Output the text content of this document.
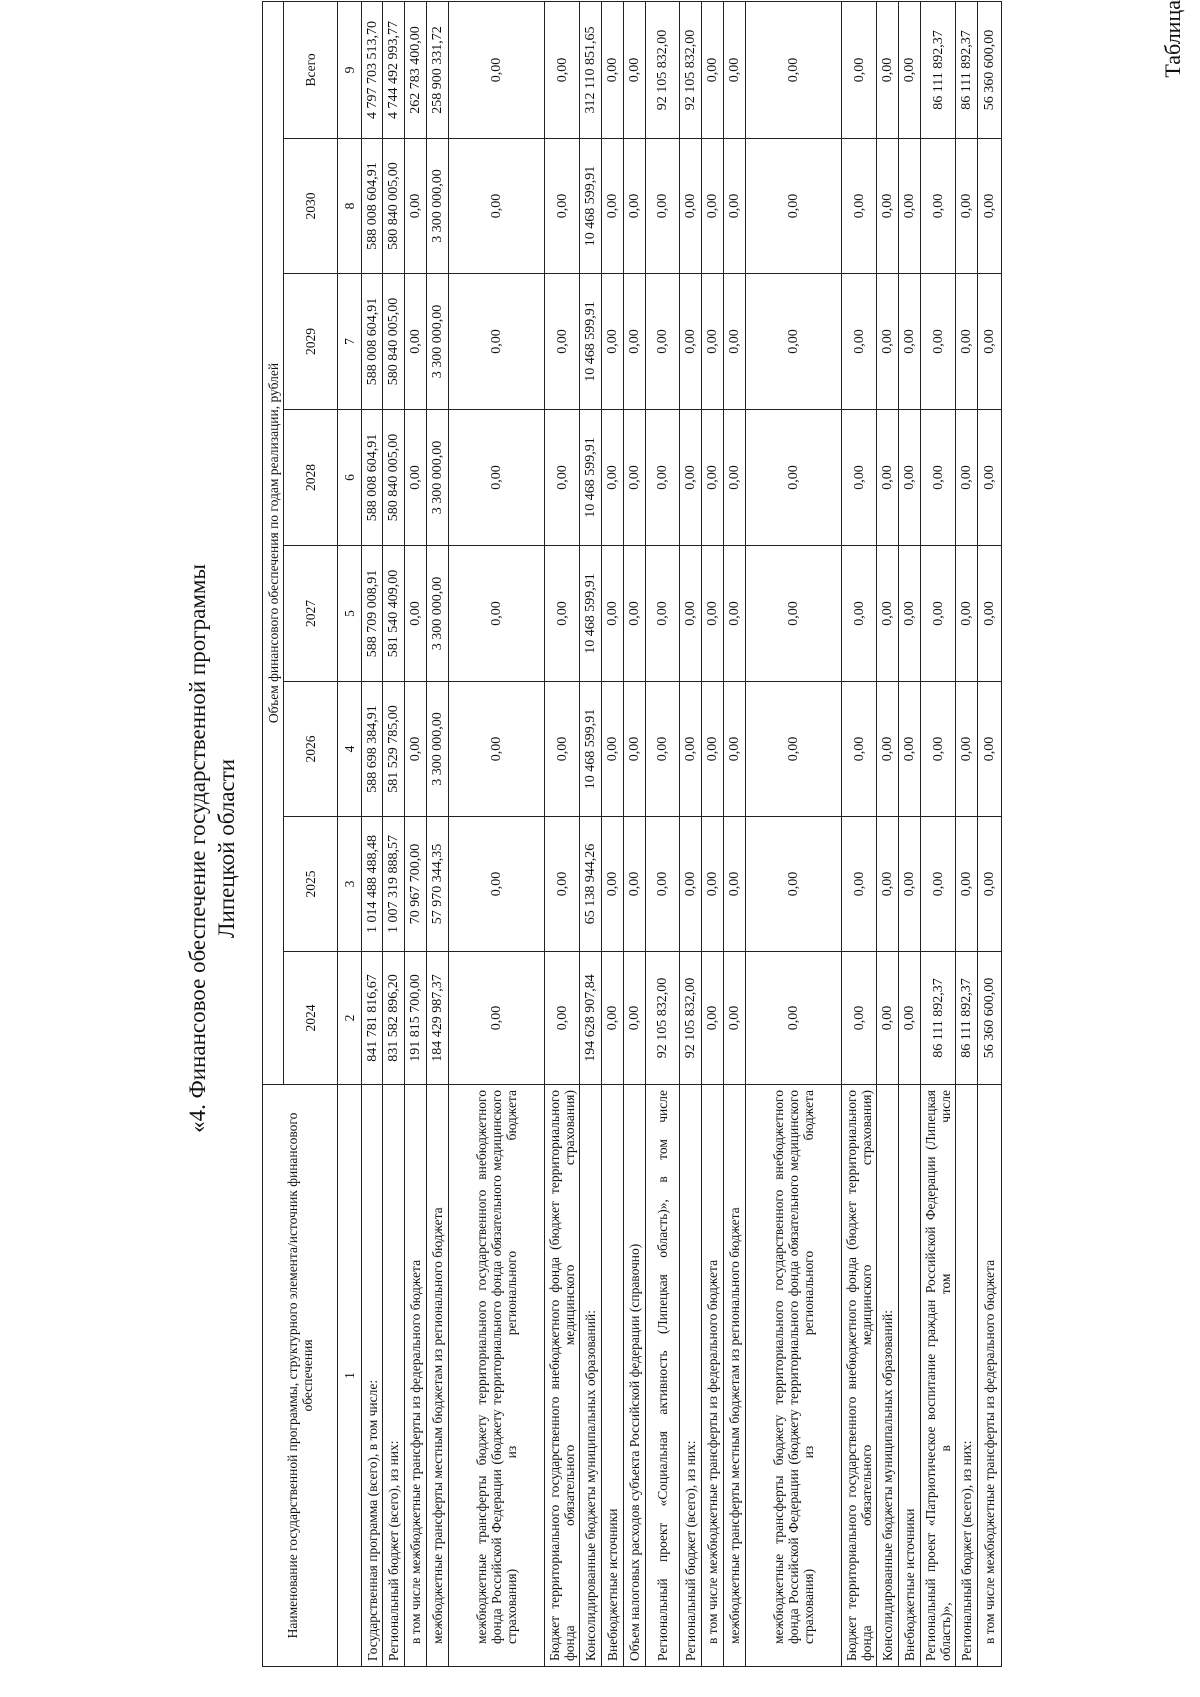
«4. Финансовое обеспечение государственной программы Липецкой области
Таблица
Наименование государственной программы, структурного элемента/источник финансового обеспечения	Объем финансового обеспечения по годам реализации, рублей							
	2024	2025	2026	2027	2028	2029	2030	Всего
1	2	3	4	5	6	7	8	9
Государственная программа (всего), в том числе:	841 781 816,67	1 014 488 488,48	588 698 384,91	588 709 008,91	588 008 604,91	588 008 604,91	588 008 604,91	4 797 703 513,70
Региональный бюджет (всего), из них:	831 582 896,20	1 007 319 888,57	581 529 785,00	581 540 409,00	580 840 005,00	580 840 005,00	580 840 005,00	4 744 492 993,77
в том числе межбюджетные трансферты из федерального бюджета	191 815 700,00	70 967 700,00	0,00	0,00	0,00	0,00	0,00	262 783 400,00
межбюджетные трансферты местным бюджетам из регионального бюджета	184 429 987,37	57 970 344,35	3 300 000,00	3 300 000,00	3 300 000,00	3 300 000,00	3 300 000,00	258 900 331,72
межбюджетные трансферты бюджету территориального государственного внебюджетного фонда Российской Федерации (бюджету территориального фонда обязательного медицинского страхования) из регионального бюджета	0,00	0,00	0,00	0,00	0,00	0,00	0,00	0,00
Бюджет территориального государственного внебюджетного фонда (бюджет территориального фонда обязательного медицинского страхования)	0,00	0,00	0,00	0,00	0,00	0,00	0,00	0,00
Консолидированные бюджеты муниципальных образований:	194 628 907,84	65 138 944,26	10 468 599,91	10 468 599,91	10 468 599,91	10 468 599,91	10 468 599,91	312 110 851,65
Внебюджетные источники	0,00	0,00	0,00	0,00	0,00	0,00	0,00	0,00
Объем налоговых расходов субъекта Российской федерации (справочно)	0,00	0,00	0,00	0,00	0,00	0,00	0,00	0,00
Региональный проект «Социальная активность (Липецкая область)», в том числе	92 105 832,00	0,00	0,00	0,00	0,00	0,00	0,00	92 105 832,00
Региональный бюджет (всего), из них:	92 105 832,00	0,00	0,00	0,00	0,00	0,00	0,00	92 105 832,00
в том числе межбюджетные трансферты из федерального бюджета	0,00	0,00	0,00	0,00	0,00	0,00	0,00	0,00
межбюджетные трансферты местным бюджетам из регионального бюджета	0,00	0,00	0,00	0,00	0,00	0,00	0,00	0,00
межбюджетные трансферты бюджету территориального государственного внебюджетного фонда Российской Федерации (бюджету территориального фонда обязательного медицинского страхования) из регионального бюджета	0,00	0,00	0,00	0,00	0,00	0,00	0,00	0,00
Бюджет территориального государственного внебюджетного фонда (бюджет территориального фонда обязательного медицинского страхования)	0,00	0,00	0,00	0,00	0,00	0,00	0,00	0,00
Консолидированные бюджеты муниципальных образований:	0,00	0,00	0,00	0,00	0,00	0,00	0,00	0,00
Внебюджетные источники	0,00	0,00	0,00	0,00	0,00	0,00	0,00	0,00
Региональный проект «Патриотическое воспитание граждан Российской Федерации (Липецкая область)», в том числе	86 111 892,37	0,00	0,00	0,00	0,00	0,00	0,00	86 111 892,37
Региональный бюджет (всего), из них:	86 111 892,37	0,00	0,00	0,00	0,00	0,00	0,00	86 111 892,37
в том числе межбюджетные трансферты из федерального бюджета	56 360 600,00	0,00	0,00	0,00	0,00	0,00	0,00	56 360 600,00
